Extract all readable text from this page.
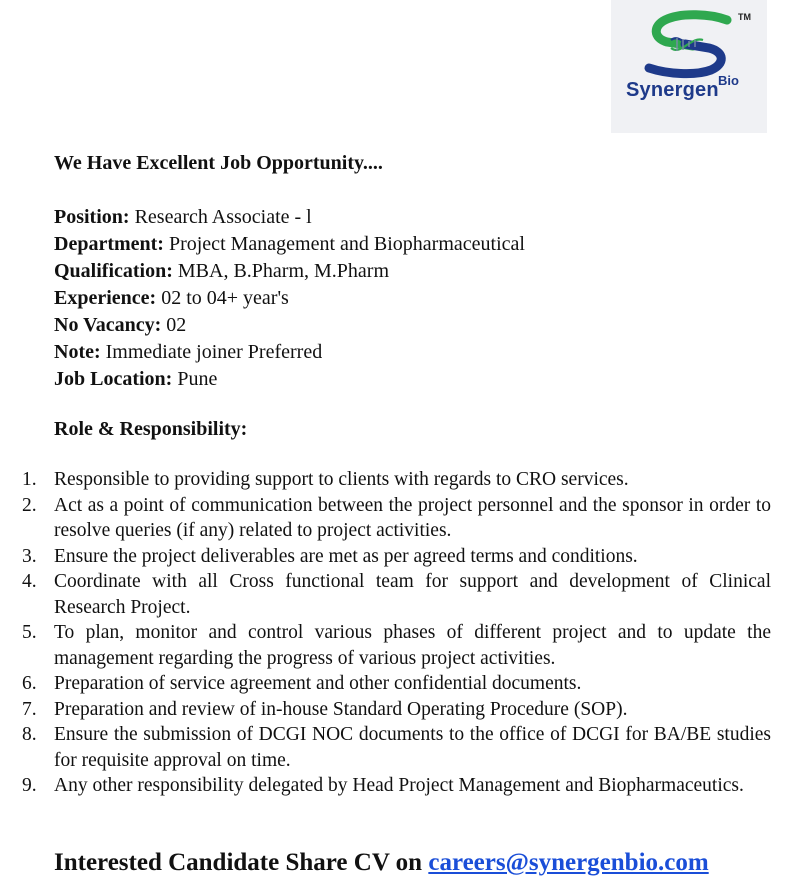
TM
Synergen Bio
We Have Excellent Job Opportunity....
Position: Research Associate - l
Department: Project Management and Biopharmaceutical
Qualification: MBA, B.Pharm, M.Pharm
Experience: 02 to 04+ year's
No Vacancy: 02
Note: Immediate joiner Preferred
Job Location: Pune
Role & Responsibility:
1. Responsible to providing support to clients with regards to CRO services.
2. Act as a point of communication between the project personnel and the sponsor in order to resolve queries (if any) related to project activities.
3. Ensure the project deliverables are met as per agreed terms and conditions.
4. Coordinate with all Cross functional team for support and development of Clinical Research Project.
5. To plan, monitor and control various phases of different project and to update the management regarding the progress of various project activities.
6. Preparation of service agreement and other confidential documents.
7. Preparation and review of in-house Standard Operating Procedure (SOP).
8. Ensure the submission of DCGI NOC documents to the office of DCGI for BA/BE studies for requisite approval on time.
9. Any other responsibility delegated by Head Project Management and Biopharmaceutics.
Interested Candidate Share CV on careers@synergenbio.com
